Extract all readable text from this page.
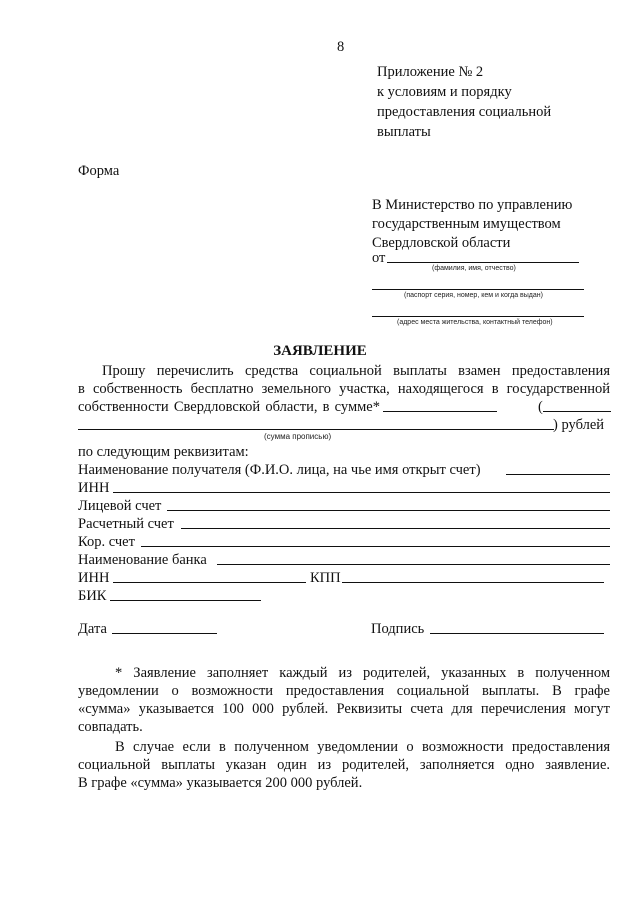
8
Приложение № 2
к условиям и порядку
предоставления социальной
выплаты
Форма
В Министерство по управлению
государственным имуществом
Свердловской области
от
(фамилия, имя, отчество)
(паспорт серия, номер, кем и когда выдан)
(адрес места жительства, контактный телефон)
ЗАЯВЛЕНИЕ
Прошу перечислить средства социальной выплаты взамен предоставления
в собственность бесплатно земельного участка, находящегося в государственной
собственности Свердловской области, в сумме*	(
) рублей
(сумма прописью)
по следующим реквизитам:
Наименование получателя (Ф.И.О. лица, на чье имя открыт счет)
ИНН
Лицевой счет
Расчетный счет
Кор. счет
Наименование банка
ИНН	КПП
БИК
Дата	Подпись
* Заявление заполняет каждый из родителей, указанных в полученном
уведомлении о возможности предоставления социальной выплаты. В графе
«сумма» указывается 100 000 рублей. Реквизиты счета для перечисления могут
совпадать.
В случае если в полученном уведомлении о возможности предоставления
социальной выплаты указан один из родителей, заполняется одно заявление.
В графе «сумма» указывается 200 000 рублей.
